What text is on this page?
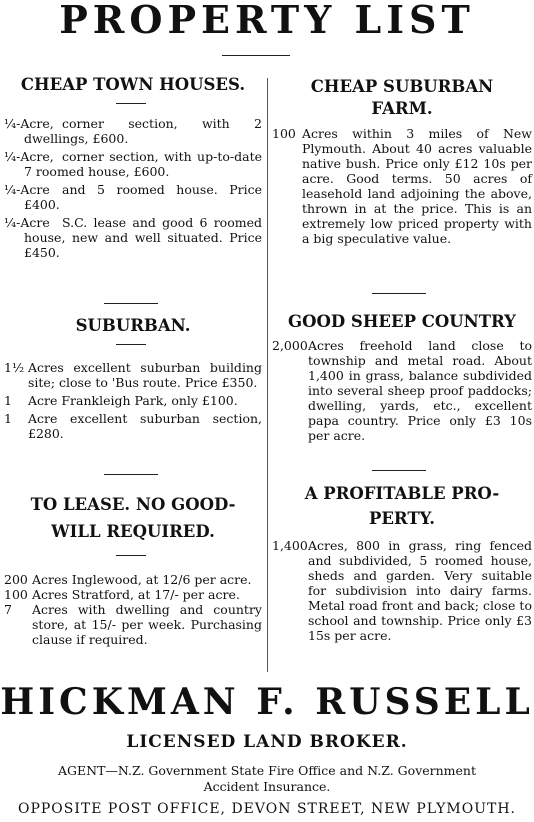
PROPERTY LIST
CHEAP TOWN HOUSES.

¼-Acre, corner section, with 2 dwellings, £600.

¼-Acre, corner section, with up-to-date 7 roomed house, £600.

¼-Acre and 5 roomed house. Price £400.

¼-Acre S.C. lease and good 6 roomed house, new and well situated. Price £450.

SUBURBAN.

1½ Acres excellent suburban building site; close to 'Bus route. Price £350.

1 Acre Frankleigh Park, only £100.

1 Acre excellent suburban section, £280.

TO LEASE. NO GOOD-
WILL REQUIRED.

200 Acres Inglewood, at 12/6 per acre.

100 Acres Stratford, at 17/- per acre.

7 Acres with dwelling and country store, at 15/- per week. Purchasing clause if required.

CHEAP SUBURBAN
FARM.

100 Acres within 3 miles of New Plymouth. About 40 acres valuable native bush. Price only £12 10s per acre. Good terms. 50 acres of leasehold land adjoining the above, thrown in at the price. This is an extremely low priced property with a big speculative value.

GOOD SHEEP COUNTRY

2,000 Acres freehold land close to township and metal road. About 1,400 in grass, balance subdivided into several sheep proof paddocks; dwelling, yards, etc., excellent papa country. Price only £3 10s per acre.

A PROFITABLE PRO-
PERTY.

1,400 Acres, 800 in grass, ring fenced and subdivided, 5 roomed house, sheds and garden. Very suitable for subdivision into dairy farms. Metal road front and back; close to school and township. Price only £3 15s per acre.

HICKMAN F. RUSSELL
LICENSED LAND BROKER.
AGENT—N.Z. Government State Fire Office and N.Z. Government
Accident Insurance.
OPPOSITE POST OFFICE, DEVON STREET, NEW PLYMOUTH.
